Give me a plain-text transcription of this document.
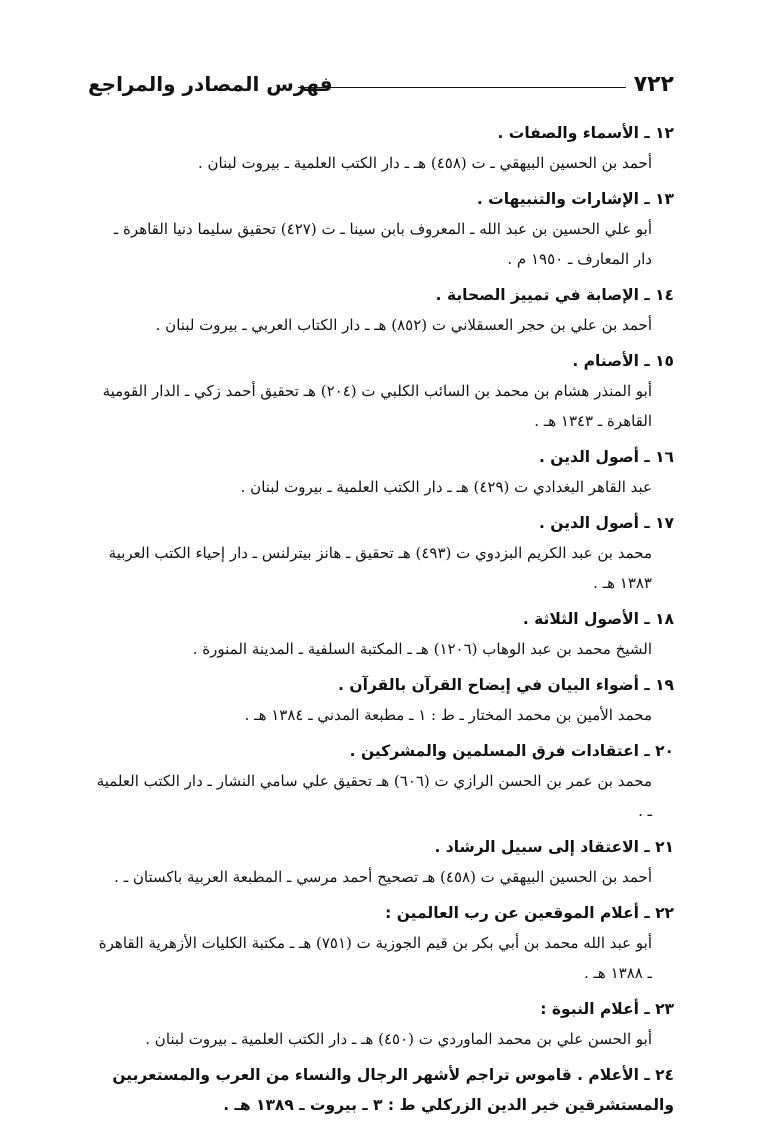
٧٢٢
فهرس المصادر والمراجع
١٢ ـ الأسماء والصفات .
أحمد بن الحسين البيهقي ـ ت (٤٥٨) هـ ـ دار الكتب العلمية ـ بيروت لبنان .
١٣ ـ الإشارات والتنبيهات .
أبو علي الحسين بن عبد الله ـ المعروف بابن سينا ـ ت (٤٢٧) تحقيق سليما دنيا القاهرة ـ دار المعارف ـ ١٩٥٠ م .
١٤ ـ الإصابة في تمييز الصحابة .
أحمد بن علي بن حجر العسقلاني ت (٨٥٢) هـ ـ دار الكتاب العربي ـ بيروت لبنان .
١٥ ـ الأصنام .
أبو المنذر هشام بن محمد بن السائب الكلبي ت (٢٠٤) هـ تحقيق أحمد زكي ـ الدار القومية القاهرة ـ ١٣٤٣ هـ .
١٦ ـ أصول الدين .
عبد القاهر البغدادي ت (٤٢٩) هـ ـ دار الكتب العلمية ـ بيروت لبنان .
١٧ ـ أصول الدين .
محمد بن عبد الكريم البزدوي ت (٤٩٣) هـ تحقيق ـ هانز بيترلنس ـ دار إحياء الكتب العربية ١٣٨٣ هـ .
١٨ ـ الأصول الثلاثة .
الشيخ محمد بن عبد الوهاب (١٢٠٦) هـ ـ المكتبة السلفية ـ المدينة المنورة .
١٩ ـ أضواء البيان في إيضاح القرآن بالقرآن .
محمد الأمين بن محمد المختار ـ ط : ١ ـ مطبعة المدني ـ ١٣٨٤ هـ .
٢٠ ـ اعتقادات فرق المسلمين والمشركين .
محمد بن عمر بن الحسن الرازي ت (٦٠٦) هـ تحقيق علي سامي النشار ـ دار الكتب العلمية ـ .
٢١ ـ الاعتقاد إلى سبيل الرشاد .
أحمد بن الحسين البيهقي ت (٤٥٨) هـ تصحيح أحمد مرسي ـ المطبعة العربية باكستان ـ .
٢٢ ـ أعلام الموقعين عن رب العالمين :
أبو عبد الله محمد بن أبي بكر بن قيم الجوزية ت (٧٥١) هـ ـ مكتبة الكليات الأزهرية القاهرة ـ ١٣٨٨ هـ .
٢٣ ـ أعلام النبوة :
أبو الحسن علي بن محمد الماوردي ت (٤٥٠) هـ ـ دار الكتب العلمية ـ بيروت لبنان .
٢٤ ـ الأعلام . قاموس تراجم لأشهر الرجال والنساء من العرب والمستعربين والمستشرقين خير الدين الزركلي ط : ٣ ـ بيروت ـ ١٣٨٩ هـ .
